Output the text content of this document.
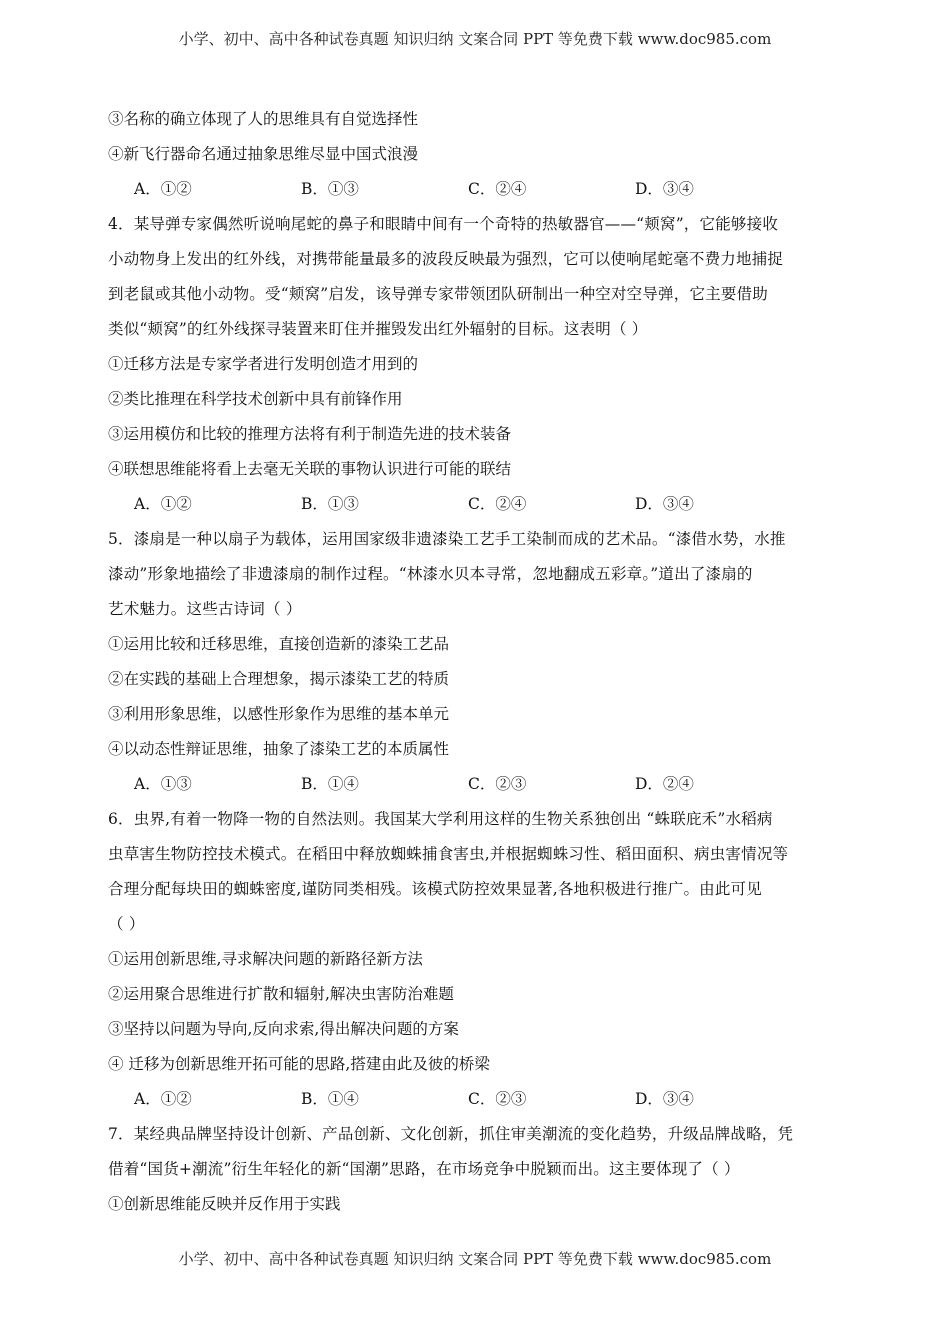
小学、初中、高中各种试卷真题 知识归纳 文案合同 PPT 等免费下载 www.doc985.com
③名称的确立体现了人的思维具有自觉选择性
④新飞行器命名通过抽象思维尽显中国式浪漫
A．①②	B．①③	C．②④	D．③④
4．某导弹专家偶然听说响尾蛇的鼻子和眼睛中间有一个奇特的热敏器官——“颊窝”，它能够接收
小动物身上发出的红外线，对携带能量最多的波段反映最为强烈，它可以使响尾蛇毫不费力地捕捉
到老鼠或其他小动物。受“颊窝”启发，该导弹专家带领团队研制出一种空对空导弹，它主要借助
类似“颊窝”的红外线探寻装置来盯住并摧毁发出红外辐射的目标。这表明（ ）
①迁移方法是专家学者进行发明创造才用到的
②类比推理在科学技术创新中具有前锋作用
③运用模仿和比较的推理方法将有利于制造先进的技术装备
④联想思维能将看上去毫无关联的事物认识进行可能的联结
A．①②	B．①③	C．②④	D．③④
5．漆扇是一种以扇子为载体，运用国家级非遗漆染工艺手工染制而成的艺术品。“漆借水势，水推
漆动”形象地描绘了非遗漆扇的制作过程。“林漆水贝本寻常，忽地翻成五彩章。”道出了漆扇的
艺术魅力。这些古诗词（ ）
①运用比较和迁移思维，直接创造新的漆染工艺品
②在实践的基础上合理想象，揭示漆染工艺的特质
③利用形象思维，以感性形象作为思维的基本单元
④以动态性辩证思维，抽象了漆染工艺的本质属性
A．①③	B．①④	C．②③	D．②④
6．虫界,有着一物降一物的自然法则。我国某大学利用这样的生物关系独创出 “蛛联庇禾”水稻病
虫草害生物防控技术模式。在稻田中释放蜘蛛捕食害虫,并根据蜘蛛习性、稻田面积、病虫害情况等
合理分配每块田的蜘蛛密度,谨防同类相残。该模式防控效果显著,各地积极进行推广。由此可见
（ ）
①运用创新思维,寻求解决问题的新路径新方法
②运用聚合思维进行扩散和辐射,解决虫害防治难题
③坚持以问题为导向,反向求索,得出解决问题的方案
④ 迁移为创新思维开拓可能的思路,搭建由此及彼的桥梁
A．①②	B．①④	C．②③	D．③④
7．某经典品牌坚持设计创新、产品创新、文化创新，抓住审美潮流的变化趋势，升级品牌战略，凭
借着“国货+潮流”衍生年轻化的新“国潮”思路，在市场竞争中脱颖而出。这主要体现了（ ）
①创新思维能反映并反作用于实践
小学、初中、高中各种试卷真题 知识归纳 文案合同 PPT 等免费下载 www.doc985.com
